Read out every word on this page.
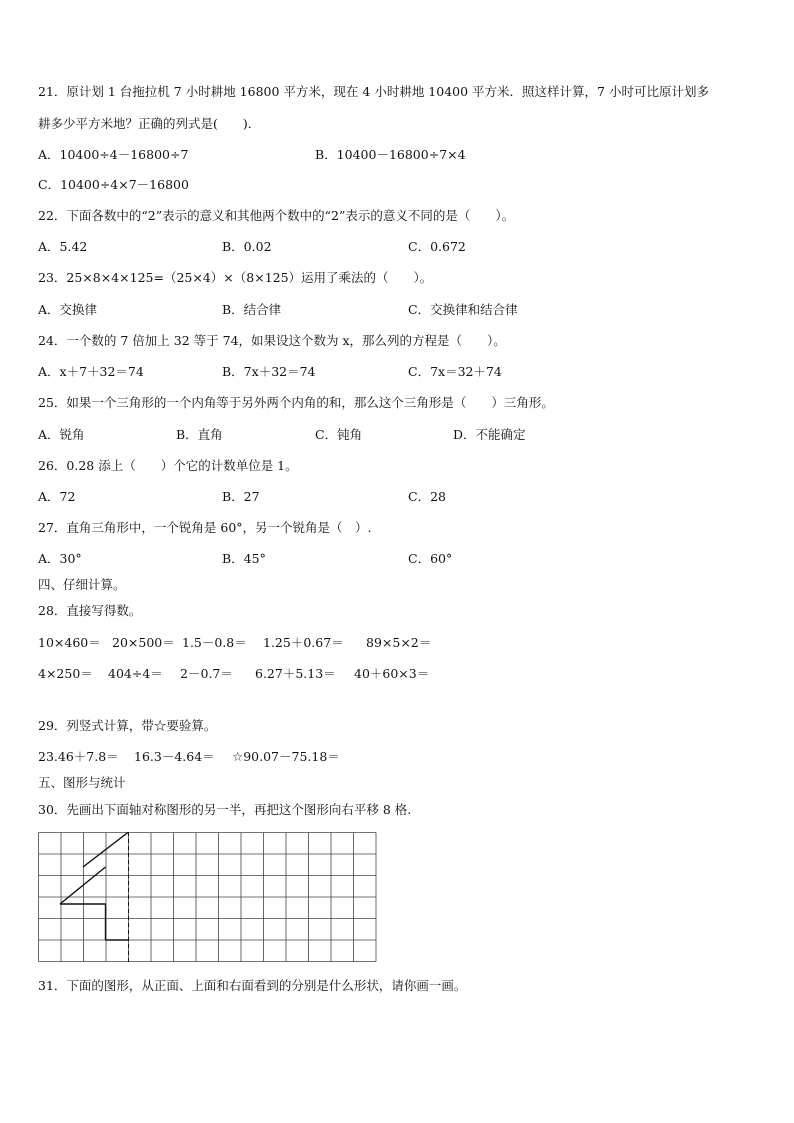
21．原计划 1 台拖拉机 7 小时耕地 16800 平方米，现在 4 小时耕地 10400 平方米．照这样计算，7 小时可比原计划多
耕多少平方米地？正确的列式是(　　)．
A．10400÷4－16800÷7	B．10400－16800÷7×4
C．10400÷4×7－16800
22．下面各数中的“2”表示的意义和其他两个数中的“2”表示的意义不同的是（　　）。
A．5.42	B．0.02	C．0.672
23．25×8×4×125=（25×4）×（8×125）运用了乘法的（　　）。
A．交换律	B．结合律	C．交换律和结合律
24．一个数的 7 倍加上 32 等于 74，如果设这个数为 x，那么列的方程是（　　）。
A．x＋7＋32＝74	B．7x＋32＝74	C．7x＝32＋74
25．如果一个三角形的一个内角等于另外两个内角的和，那么这个三角形是（　　）三角形。
A．锐角	B．直角	C．钝角	D．不能确定
26．0.28 添上（　　）个它的计数单位是 1。
A．72	B．27	C．28
27．直角三角形中，一个锐角是 60°，另一个锐角是（　）.
A．30°	B．45°	C．60°
四、仔细计算。
28．直接写得数。
10×460＝ 20×500＝ 1.5－0.8＝ 1.25＋0.67＝ 89×5×2＝
4×250＝ 404÷4＝ 2－0.7＝ 6.27＋5.13＝ 40＋60×3＝
29．列竖式计算，带☆要验算。
23.46＋7.8＝ 16.3－4.64＝ ☆90.07－75.18＝
五、图形与统计
30．先画出下面轴对称图形的另一半，再把这个图形向右平移 8 格.
31．下面的图形，从正面、上面和右面看到的分别是什么形状，请你画一画。
